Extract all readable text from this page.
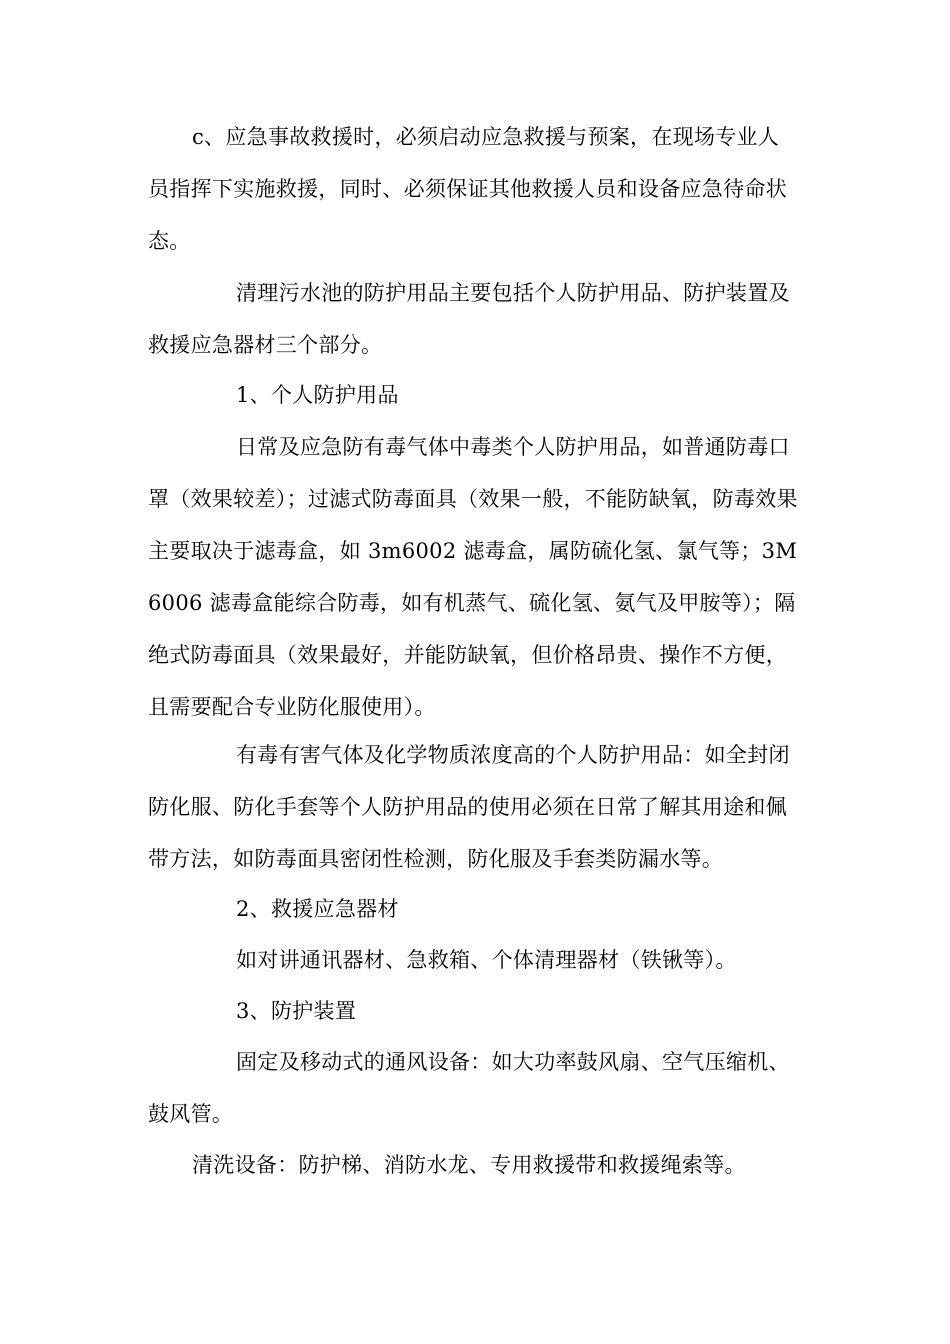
c、应急事故救援时，必须启动应急救援与预案，在现场专业人员指挥下实施救援，同时、必须保证其他救援人员和设备应急待命状态。

清理污水池的防护用品主要包括个人防护用品、防护装置及救援应急器材三个部分。

1、个人防护用品

日常及应急防有毒气体中毒类个人防护用品，如普通防毒口罩（效果较差）；过滤式防毒面具（效果一般，不能防缺氧，防毒效果主要取决于滤毒盒，如 3m6002 滤毒盒，属防硫化氢、氯气等；3M6006 滤毒盒能综合防毒，如有机蒸气、硫化氢、氨气及甲胺等）；隔绝式防毒面具（效果最好，并能防缺氧，但价格昂贵、操作不方便，且需要配合专业防化服使用）。

有毒有害气体及化学物质浓度高的个人防护用品：如全封闭防化服、防化手套等个人防护用品的使用必须在日常了解其用途和佩带方法，如防毒面具密闭性检测，防化服及手套类防漏水等。

2、救援应急器材

如对讲通讯器材、急救箱、个体清理器材（铁锹等）。

3、防护装置

固定及移动式的通风设备：如大功率鼓风扇、空气压缩机、鼓风管。

清洗设备：防护梯、消防水龙、专用救援带和救援绳索等。
